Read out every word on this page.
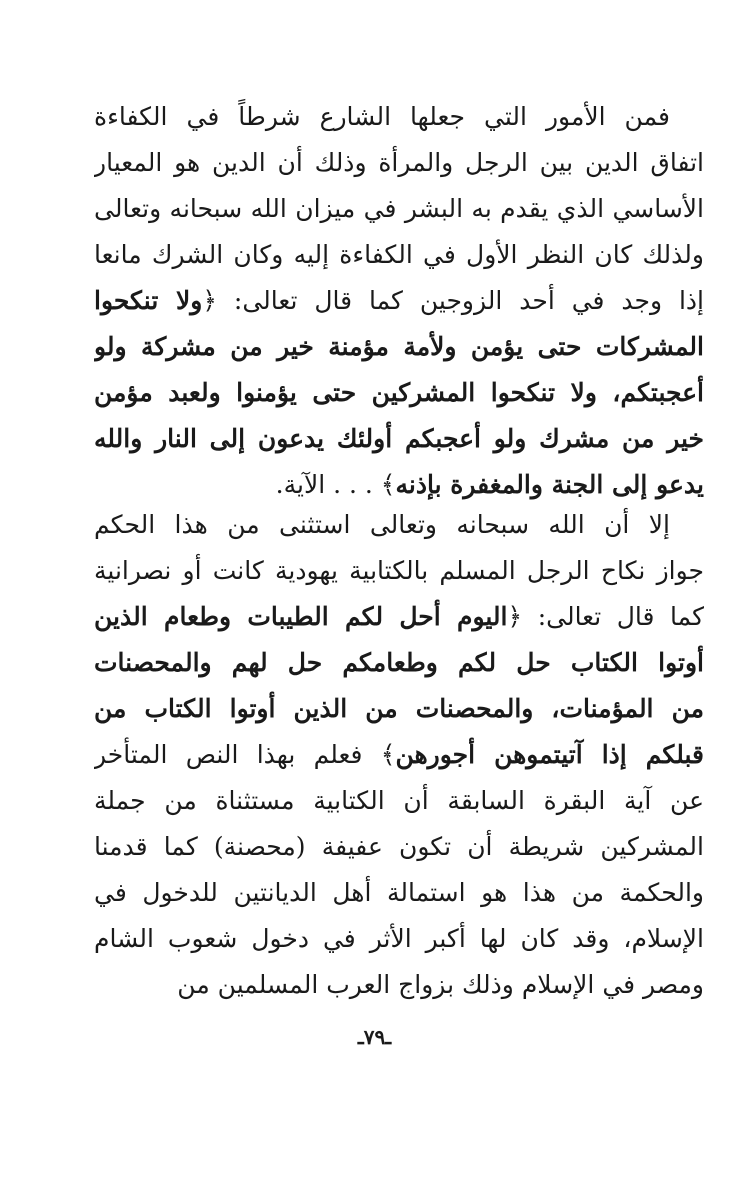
فمن الأمور التي جعلها الشارع شرطاً في الكفاءة
اتفاق الدين بين الرجل والمرأة وذلك أن الدين هو المعيار
الأساسي الذي يقدم به البشر في ميزان الله سبحانه وتعالى
ولذلك كان النظر الأول في الكفاءة إليه وكان الشرك مانعا
إذا وجد في أحد الزوجين كما قال تعالى: ﴿ولا تنكحوا
المشركات حتى يؤمن ولأمة مؤمنة خير من مشركة ولو
أعجبتكم، ولا تنكحوا المشركين حتى يؤمنوا ولعبد مؤمن
خير من مشرك ولو أعجبكم أولئك يدعون إلى النار والله
يدعو إلى الجنة والمغفرة بإذنه﴾ . . . الآية.
إلا أن الله سبحانه وتعالى استثنى من هذا الحكم
جواز نكاح الرجل المسلم بالكتابية يهودية كانت أو نصرانية
كما قال تعالى: ﴿اليوم أحل لكم الطيبات وطعام الذين
أوتوا الكتاب حل لكم وطعامكم حل لهم والمحصنات
من المؤمنات، والمحصنات من الذين أوتوا الكتاب من
قبلكم إذا آتيتموهن أجورهن﴾ فعلم بهذا النص المتأخر
عن آية البقرة السابقة أن الكتابية مستثناة من جملة
المشركين شريطة أن تكون عفيفة (محصنة) كما قدمنا
والحكمة من هذا هو استمالة أهل الديانتين للدخول في
الإسلام، وقد كان لها أكبر الأثر في دخول شعوب الشام
ومصر في الإسلام وذلك بزواج العرب المسلمين من
ـ٧٩ـ
